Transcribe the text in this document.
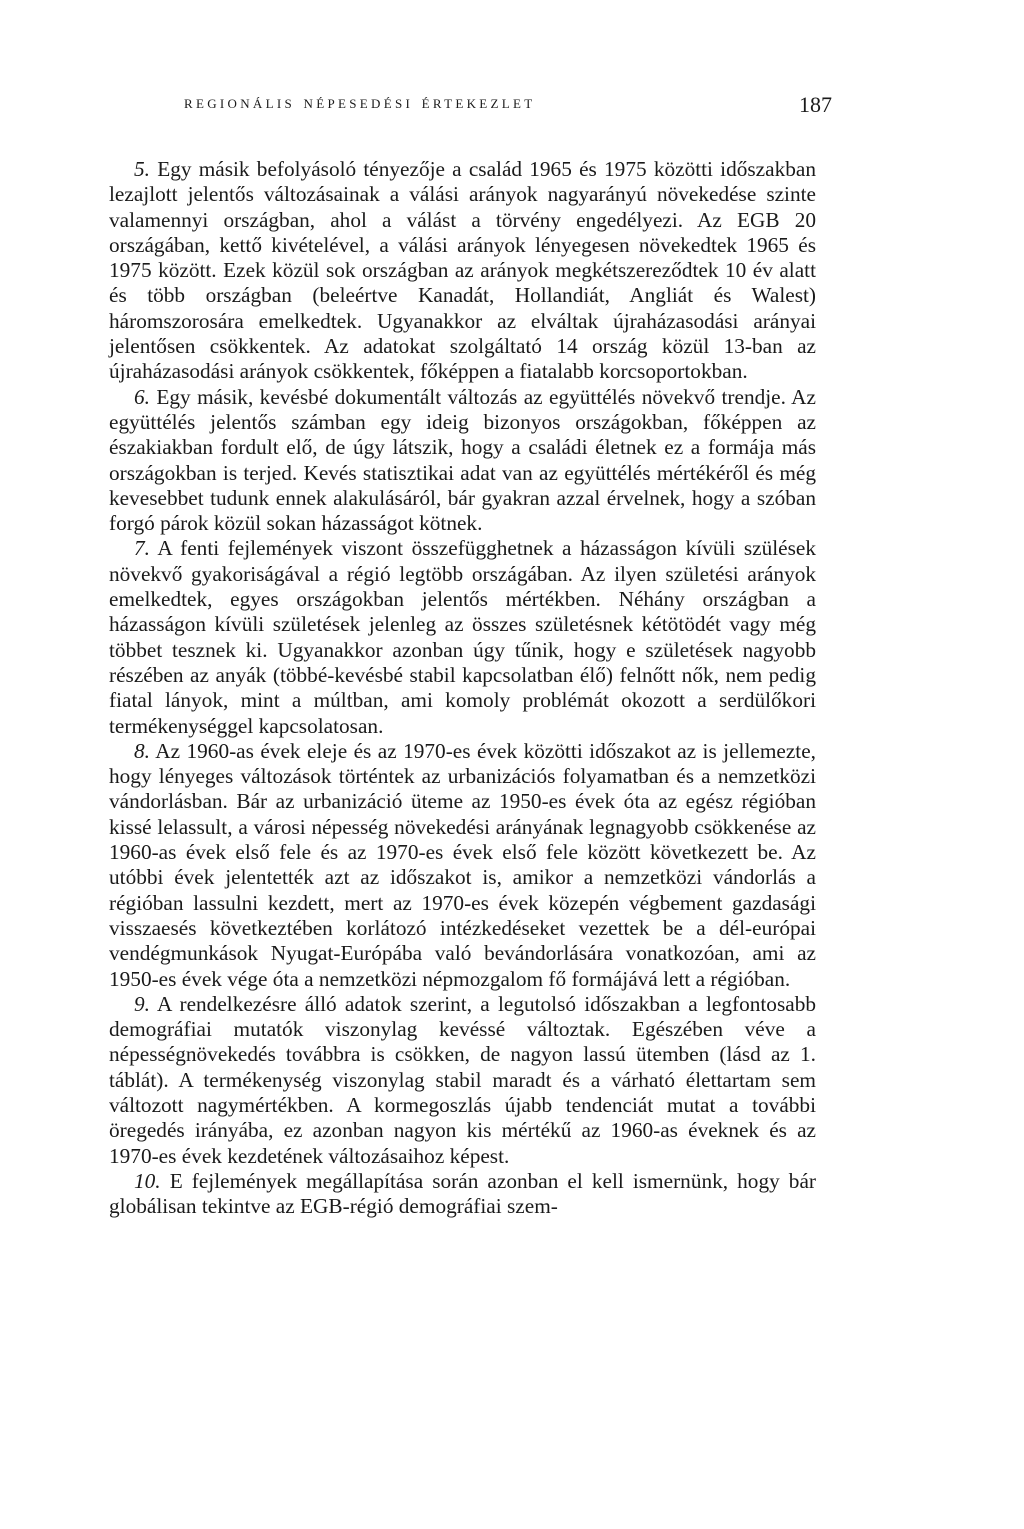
REGIONÁLIS NÉPESEDÉSI ÉRTEKEZLET	187

5. Egy másik befolyásoló tényezője a család 1965 és 1975 közötti időszakban lezajlott jelentős változásainak a válási arányok nagyarányú növekedése szinte valamennyi országban, ahol a válást a törvény engedélyezi. Az EGB 20 országában, kettő kivételével, a válási arányok lényegesen növekedtek 1965 és 1975 között. Ezek közül sok országban az arányok megkétszereződtek 10 év alatt és több országban (beleértve Kanadát, Hollandiát, Angliát és Walest) háromszorosára emelkedtek. Ugyanakkor az elváltak újraházasodási arányai jelentősen csökkentek. Az adatokat szolgáltató 14 ország közül 13-ban az újraházasodási arányok csökkentek, főképpen a fiatalabb korcsoportokban.

6. Egy másik, kevésbé dokumentált változás az együttélés növekvő trendje. Az együttélés jelentős számban egy ideig bizonyos országokban, főképpen az északiakban fordult elő, de úgy látszik, hogy a családi életnek ez a formája más országokban is terjed. Kevés statisztikai adat van az együttélés mértékéről és még kevesebbet tudunk ennek alakulásáról, bár gyakran azzal érvelnek, hogy a szóban forgó párok közül sokan házasságot kötnek.

7. A fenti fejlemények viszont összefügghetnek a házasságon kívüli szülések növekvő gyakoriságával a régió legtöbb országában. Az ilyen születési arányok emelkedtek, egyes országokban jelentős mértékben. Néhány országban a házasságon kívüli születések jelenleg az összes születésnek kétötödét vagy még többet tesznek ki. Ugyanakkor azonban úgy tűnik, hogy e születések nagyobb részében az anyák (többé-kevésbé stabil kapcsolatban élő) felnőtt nők, nem pedig fiatal lányok, mint a múltban, ami komoly problémát okozott a serdülőkori termékenységgel kapcsolatosan.

8. Az 1960-as évek eleje és az 1970-es évek közötti időszakot az is jellemezte, hogy lényeges változások történtek az urbanizációs folyamatban és a nemzetközi vándorlásban. Bár az urbanizáció üteme az 1950-es évek óta az egész régióban kissé lelassult, a városi népesség növekedési arányának legnagyobb csökkenése az 1960-as évek első fele és az 1970-es évek első fele között következett be. Az utóbbi évek jelentették azt az időszakot is, amikor a nemzetközi vándorlás a régióban lassulni kezdett, mert az 1970-es évek közepén végbement gazdasági visszaesés következtében korlátozó intézkedéseket vezettek be a dél-európai vendégmunkások Nyugat-Európába való bevándorlására vonatkozóan, ami az 1950-es évek vége óta a nemzetközi népmozgalom fő formájává lett a régióban.

9. A rendelkezésre álló adatok szerint, a legutolsó időszakban a legfontosabb demográfiai mutatók viszonylag kevéssé változtak. Egészében véve a népességnövekedés továbbra is csökken, de nagyon lassú ütemben (lásd az 1. táblát). A termékenység viszonylag stabil maradt és a várható élettartam sem változott nagymértékben. A kormegoszlás újabb tendenciát mutat a további öregedés irányába, ez azonban nagyon kis mértékű az 1960-as éveknek és az 1970-es évek kezdetének változásaihoz képest.

10. E fejlemények megállapítása során azonban el kell ismernünk, hogy bár globálisan tekintve az EGB-régió demográfiai szem-
